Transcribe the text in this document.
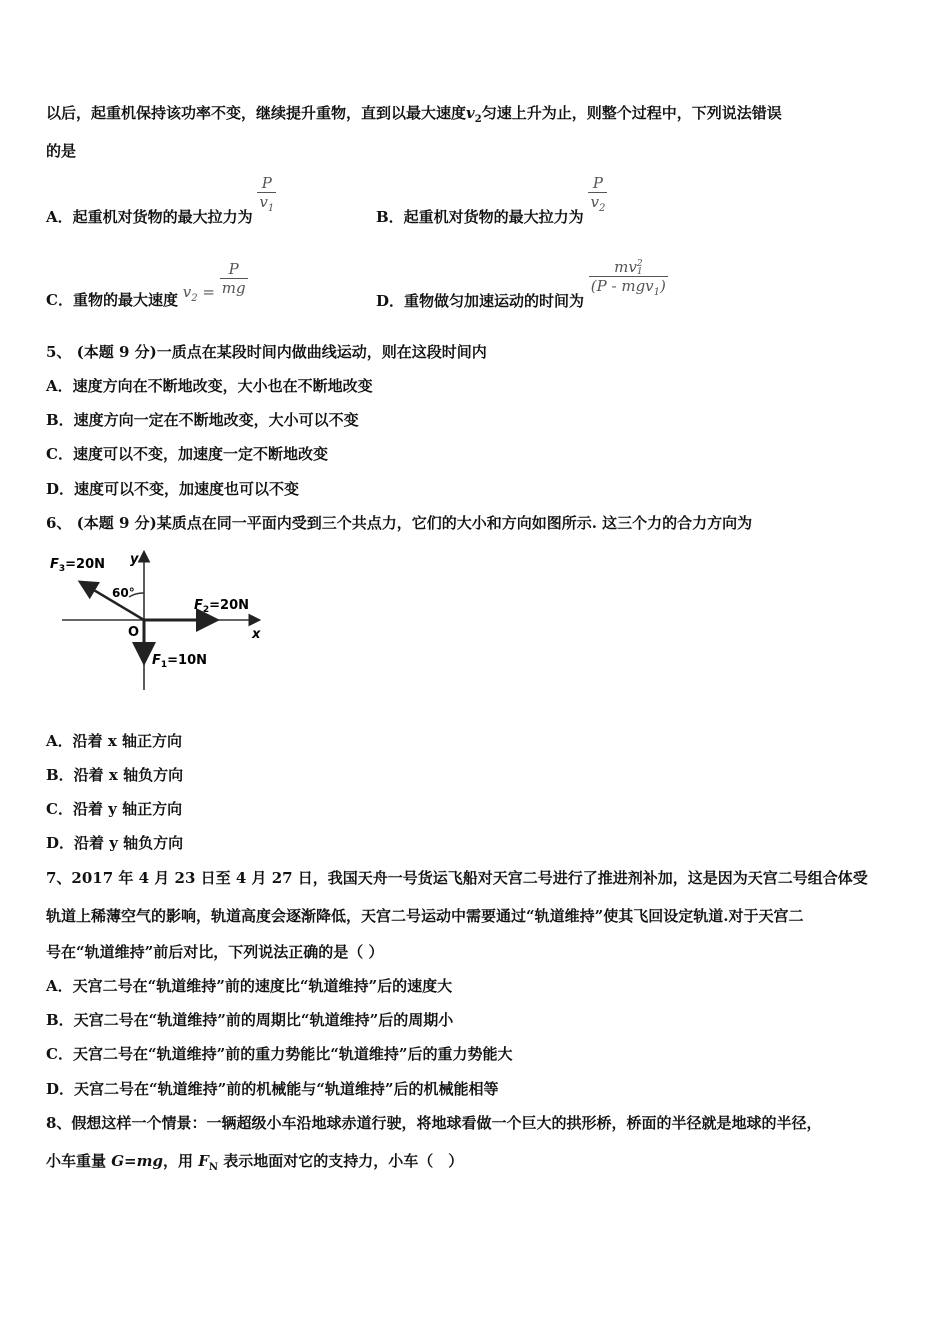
以后，起重机保持该功率不变，继续提升重物，直到以最大速度$v_2$匀速上升为止，则整个过程中，下列说法错误
的是
A．起重机对货物的最大拉力为
$\frac{P}{v_1}$
B．起重机对货物的最大拉力为
$\frac{P}{v_2}$
C．重物的最大速度 $v_2 = \frac{P}{mg}$
D．重物做匀加速运动的时间为
mv 2
1
(P - mgv$_1$)
5、 (本题 9 分)一质点在某段时间内做曲线运动，则在这段时间内
A．速度方向在不断地改变，大小也在不断地改变
B．速度方向一定在不断地改变，大小可以不变
C．速度可以不变，加速度一定不断地改变
D．速度可以不变，加速度也可以不变
6、 (本题 9 分)某质点在同一平面内受到三个共点力，它们的大小和方向如图所示. 这三个力的合力方向为
$F_3=20N$
60°
$F_2=20N$
$F_1=10N$
O	x
y
A．沿着 x 轴正方向
B．沿着 x 轴负方向
C．沿着 y 轴正方向
D．沿着 y 轴负方向
7、2017 年 4 月 23 日至 4 月 27 日，我国天舟一号货运飞船对天宫二号进行了推进剂补加，这是因为天宫二号组合体受
轨道上稀薄空气的影响，轨道高度会逐渐降低，天宫二号运动中需要通过“轨道维持”使其飞回设定轨道.对于天宫二
号在“轨道维持”前后对比，下列说法正确的是（ ）
A．天宫二号在“轨道维持”前的速度比“轨道维持”后的速度大
B．天宫二号在“轨道维持”前的周期比“轨道维持”后的周期小
C．天宫二号在“轨道维持”前的重力势能比“轨道维持”后的重力势能大
D．天宫二号在“轨道维持”前的机械能与“轨道维持”后的机械能相等
8、假想这样一个情景：一辆超级小车沿地球赤道行驶，将地球看做一个巨大的拱形桥，桥面的半径就是地球的半径，
小车重量 G=mg，用 $F_N$ 表示地面对它的支持力，小车（　）
